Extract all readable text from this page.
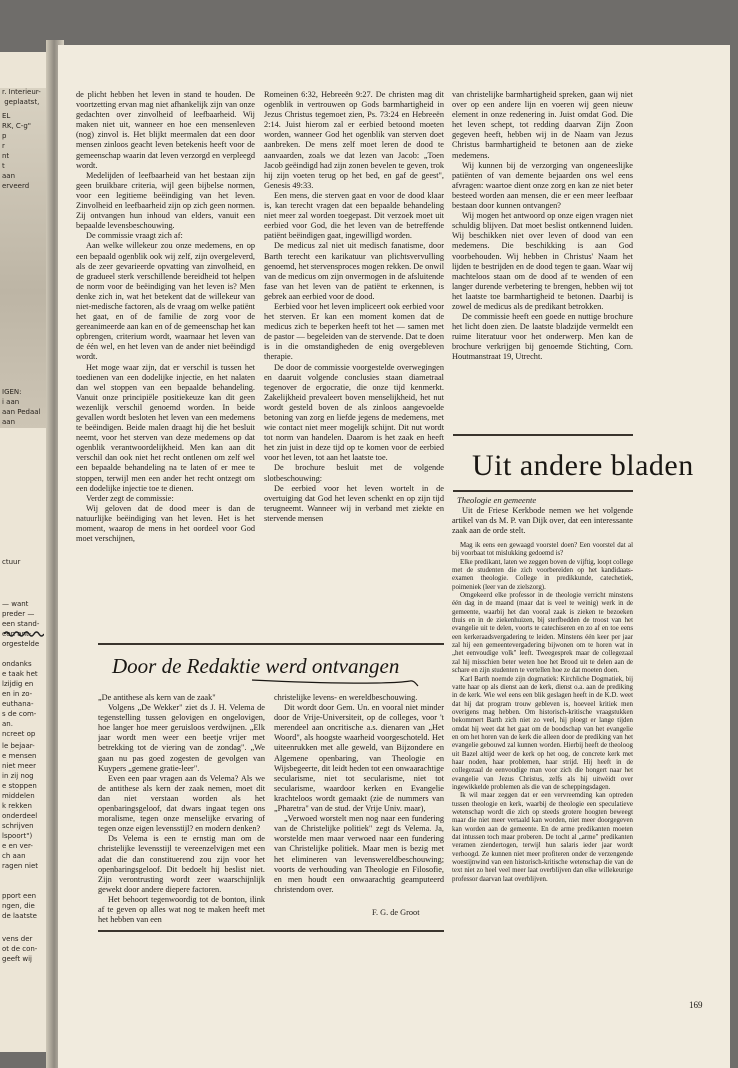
r. Interieur-
geplaatst,
EL
RK, C-g"
p
r
nt
t
aan
erveerd
IGEN:
i aan
aan Pedaal
aan
ctuur
— want
preder —
een stand-
een ant-
orgestelde
ondanks
e taak het
lzijdig en
en in zo-
euthana-
s de com-
an.
ncreet op
le bejaar-
e mensen
niet meer
in zij nog
e stoppen
middelen
k rekken
onderdeel
schrijven
lspoort")
e en ver-
ch aan
ragen niet
pport een
ngen, die
de laatste
vens der
ot de con-
geeft wij

de plicht hebben het leven in stand te houden. De voortzetting ervan mag niet afhankelijk zijn van onze gedachten over zinvolheid of leefbaarheid. Wij maken niet uit, wanneer en hoe een mensenleven (nog) zinvol is. Het blijkt meermalen dat een door mensen zinloos geacht leven betekenis heeft voor de gemeenschap waarin dat leven verzorgd en verpleegd wordt.

Medelijden of leefbaarheid van het bestaan zijn geen bruikbare criteria, wijl geen bijbelse normen, voor een legitieme beëindiging van het leven. Zinvolheid en leefbaarheid zijn op zich geen normen. Zij ontvangen hun inhoud van elders, vanuit een bepaalde levensbeschouwing.

De commissie vraagt zich af:

Aan welke willekeur zou onze medemens, en op een bepaald ogenblik ook wij zelf, zijn overgeleverd, als de zeer gevarieerde opvatting van zinvolheid, en de gradueel sterk verschillende bereidheid tot helpen de norm voor de beëindiging van het leven is? Men denke zich in, wat het betekent dat de willekeur van niet-medische factoren, als de vraag om welke patiënt het gaat, en of de familie de zorg voor de gereanimeerde aan kan en of de gemeenschap het kan opbrengen, criterium wordt, waarnaar het leven van de één wel, en het leven van de ander niet beëindigd wordt.

Het moge waar zijn, dat er verschil is tussen het toedienen van een dodelijke injectie, en het nalaten dan wel stoppen van een bepaalde behandeling. Vanuit onze principiële positiekeuze kan dit geen wezenlijk verschil genoemd worden. In beide gevallen wordt besloten het leven van een medemens te beëindigen. Beide malen draagt hij die het besluit neemt, voor het sterven van deze medemens op dat ogenblik verantwoordelijkheid. Men kan aan dit verschil dan ook niet het recht ontlenen om zelf wel een bepaalde behandeling na te laten of er mee te stoppen, terwijl men een ander het recht ontzegt om een dodelijke injectie toe te dienen.

Verder zegt de commissie:

Wij geloven dat de dood meer is dan de natuurlijke beëindiging van het leven. Het is het moment, waarop de mens in het oordeel voor God moet verschijnen,

Romeinen 6:32, Hebreeën 9:27. De christen mag dit ogenblik in vertrouwen op Gods barmhartigheid in Jezus Christus tegemoet zien, Ps. 73:24 en Hebreeën 2:14. Juist hierom zal er eerbied betoond moeten worden, wanneer God het ogenblik van sterven doet aanbreken. De mens zelf moet leren de dood te aanvaarden, zoals we dat lezen van Jacob: „Toen Jacob geëindigd had zijn zonen bevelen te geven, trok hij zijn voeten terug op het bed, en gaf de geest", Genesis 49:33.

Een mens, die sterven gaat en voor de dood klaar is, kan terecht vragen dat een bepaalde behandeling niet meer zal worden toegepast. Dit verzoek moet uit eerbied voor God, die het leven van de betreffende patiënt beëindigen gaat, ingewilligd worden.

De medicus zal niet uit medisch fanatisme, door Barth terecht een karikatuur van plichtsvervulling genoemd, het stervensproces mogen rekken. De onwil van de medicus om zijn onvermogen in de afsluitende fase van het leven van de patiënt te erkennen, is gebrek aan eerbied voor de dood.

Eerbied voor het leven impliceert ook eerbied voor het sterven. Er kan een moment komen dat de medicus zich te beperken heeft tot het — samen met de pastor — begeleiden van de stervende. Dat te doen is in die omstandigheden de enig overgebleven therapie.

De door de commissie voorgestelde overwegingen en daaruit volgende conclusies staan diametraal tegenover de ergocratie, die onze tijd kenmerkt. Zakelijkheid prevaleert boven menselijkheid, het nut wordt gesteld boven de als zinloos aangevoelde betoning van zorg en liefde jegens de medemens, met wie contact niet meer mogelijk schijnt. Dit nut wordt tot norm van handelen. Daarom is het zaak en heeft het zin juist in deze tijd op te komen voor de eerbied voor het leven, tot aan het laatste toe.

De brochure besluit met de volgende slotbeschouwing:

De eerbied voor het leven wortelt in de overtuiging dat God het leven schenkt en op zijn tijd terugneemt. Wanneer wij in verband met ziekte en stervende mensen

van christelijke barmhartigheid spreken, gaan wij niet over op een andere lijn en voeren wij geen nieuw element in onze redenering in. Juist omdat God. Die het leven schept, tot redding daarvan Zijn Zoon gegeven heeft, hebben wij in de Naam van Jezus Christus barmhartigheid te betonen aan de zieke medemens.

Wij kunnen bij de verzorging van ongeneeslijke patiënten of van demente bejaarden ons wel eens afvragen: waartoe dient onze zorg en kan ze niet beter besteed worden aan mensen, die er een meer leefbaar bestaan door kunnen ontvangen?

Wij mogen het antwoord op onze eigen vragen niet schuldig blijven. Dat moet beslist ontkennend luiden. Wij beschikken niet over leven of dood van een medemens. Die beschikking is aan God voorbehouden. Wij hebben in Christus' Naam het lijden te bestrijden en de dood tegen te gaan. Waar wij machteloos staan om de dood af te wenden of een langer durende verbetering te brengen, hebben wij tot het laatste toe barmhartigheid te betonen. Daarbij is zowel de medicus als de predikant betrokken.

De commissie heeft een goede en nuttige brochure het licht doen zien. De laatste bladzijde vermeldt een ruime literatuur voor het onderwerp. Men kan de brochure verkrijgen bij genoemde Stichting, Corn. Houtmanstraat 19, Utrecht.

Uit andere bladen
Theologie en gemeente

Uit de Friese Kerkbode nemen we het volgende artikel van ds M. P. van Dijk over, dat een interessante zaak aan de orde stelt.

Mag ik eens een gewaagd voorstel doen? Een voorstel dat al bij voorbaat tot mislukking gedoemd is?

Elke predikant, laten we zeggen boven de vijftig, loopt college met de studenten die zich voorbereiden op het kandidaats-examen theologie. College in predikkunde, catechetiek, poimeniek (leer van de zielszorg).

Omgekeerd elke professor in de theologie verricht minstens één dag in de maand (maar dat is veel te weinig) werk in de gemeente, waarbij het dan vooral zaak is zieken te bezoeken thuis en in de ziekenhuizen, bij sterfbedden de troost van het evangelie uit te delen, voorts te catechiseren en zo af en toe eens een kerkeraadsvergadering te leiden. Minstens één keer per jaar zal hij een gemeentevergadering bijwonen om te horen wat in „het eenvoudige volk" leeft. Tweegesprek maar de collegezaal zal hij misschien beter weten hoe het Brood uit te delen aan de schare en zijn studenten te vertellen hoe ze dat moeten doen.

Karl Barth noemde zijn dogmatiek: Kirchliche Dogmatiek, bij vatte haar op als dienst aan de kerk, dienst o.a. aan de prediking in de kerk. Wie wel eens een blik geslagen heeft in de K.D. weet dat hij dat program trouw gebleven is, hoeveel kritiek men overigens mag hebben. Om historisch-kritische vraagstukken bekommert Barth zich niet zo veel, hij ploegt er lange tijden omdat hij weet dat het gaat om de boodschap van het evangelie en om het horen van de kerk die alleen door de prediking van het evangelie gebouwd zal kunnen worden. Hierbij heeft de theoloog uit Bazel altijd weer de kerk op het oog, de concrete kerk met haar noden, haar problemen, haar strijd. Hij heeft in de collegezaal de eenvoudige man voor zich die hongert naar het evangelie van Jezus Christus, zelfs als hij uitwèidt over ingewikkelde problemen als die van de scheppingsdagen.

Ik wil maar zeggen dat er een vervreemding kan optreden tussen theologie en kerk, waarbij de theologie een speculatieve wetenschap wordt die zich op steeds grotere hoogten beweegt maar die niet meer vertaald kan worden, niet meer doorgegeven kan worden aan de gemeente. En de arme predikanten moeten dat intussen toch maar proberen. De tocht al „arme" predikanten veramen ziendertogen, terwijl hun salaris ieder jaar wordt verhoogd. Ze kunnen niet meer profiteren onder de verzengende woestijnwind van een historisch-kritische wetenschap die van de text niet zo heel veel meer laat overblijven dan elke willekeurige professor daarvan laat overblijven.

Door de Redaktie werd ontvangen

„De antithese als kern van de zaak"

Volgens „De Wekker" ziet ds J. H. Velema de tegenstelling tussen gelovigen en ongelovigen, hoe langer hoe meer geruisloos verdwijnen. „Elk jaar wordt men weer een beetje vrijer met betrekking tot de viering van de zondag". „We gaan nu pas goed zogesten de gevolgen van Kuypers „gemene gratie-leer".

Even een paar vragen aan ds Velema? Als we de antithese als kern der zaak nemen, moet dit dan niet verstaan worden als het openbaringsgeloof, dat dwars ingaat tegen ons moralisme, tegen onze menselijke ervaring of tegen onze eigen levensstijl? en modern denken?

Ds Velema is een te ernstig man om de christelijke levensstijl te vereenzelvigen met een adat die dan constituerend zou zijn voor het openbaringsgeloof. Dit bedoelt hij beslist niet. Zijn verontrusting wordt zeer waarschijnlijk gewekt door andere diepere factoren.

Het behoort tegenwoordig tot de bonton, ilink af te geven op alles wat nog te maken heeft met het hebben van een

christelijke levens- en wereldbeschouwing.

Dit wordt door Gem. Un. en vooral niet minder door de Vrije-Universiteit, op de colleges, voor 't merendeel aan oncritische a.s. dienaren van „Het Woord", als hoogste waarheid voorgeschoteld. Het uiteenrukken met alle geweld, van Bijzondere en Algemene openbaring, van Theologie en Wijsbegeerte, dit leidt heden tot een onwaarachtige secularisme, niet tot secularisme, niet tot secularisme, waardoor kerken en Evangelie krachteloos wordt gemaakt (zie de nummers van „Pharetra" van de stud. der Vrije Univ. maar),

„Verwoed worstelt men nog naar een fundering van de Christelijke politiek" zegt ds Velema. Ja, worstelde men maar verwoed naar een fundering van Christelijke politiek. Maar men is bezig met het elimineren van levenswereldbeschouwing; voorts de verhouding van Theologie en Filosofie, en men houdt een onwaarachtig geamputeerd christendom over.

F. G. de Groot
169
